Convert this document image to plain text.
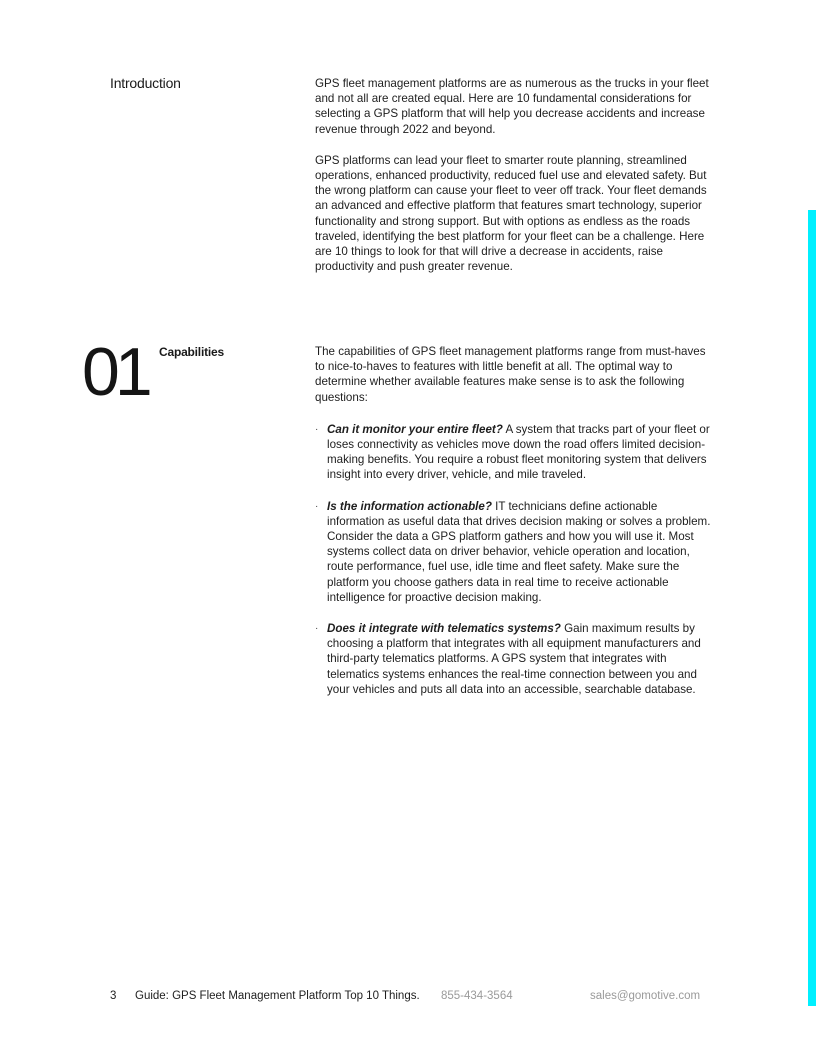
Introduction	GPS fleet management platforms are as numerous as the trucks in your fleet and not all are created equal. Here are 10 fundamental considerations for selecting a GPS platform that will help you decrease accidents and increase revenue through 2022 and beyond.

GPS platforms can lead your fleet to smarter route planning, streamlined operations, enhanced productivity, reduced fuel use and elevated safety. But the wrong platform can cause your fleet to veer off track. Your fleet demands an advanced and effective platform that features smart technology, superior functionality and strong support. But with options as endless as the roads traveled, identifying the best platform for your fleet can be a challenge. Here are 10 things to look for that will drive a decrease in accidents, raise productivity and push greater revenue.

01 Capabilities	The capabilities of GPS fleet management platforms range from must-haves to nice-to-haves to features with little benefit at all. The optimal way to determine whether available features make sense is to ask the following questions:

· Can it monitor your entire fleet? A system that tracks part of your fleet or loses connectivity as vehicles move down the road offers limited decision-making benefits. You require a robust fleet monitoring system that delivers insight into every driver, vehicle, and mile traveled.
· Is the information actionable? IT technicians define actionable information as useful data that drives decision making or solves a problem. Consider the data a GPS platform gathers and how you will use it. Most systems collect data on driver behavior, vehicle operation and location, route performance, fuel use, idle time and fleet safety. Make sure the platform you choose gathers data in real time to receive actionable intelligence for proactive decision making.
· Does it integrate with telematics systems? Gain maximum results by choosing a platform that integrates with all equipment manufacturers and third-party telematics platforms. A GPS system that integrates with telematics systems enhances the real-time connection between you and your vehicles and puts all data into an accessible, searchable database.
3 Guide: GPS Fleet Management Platform Top 10 Things. 855-434-3564	sales@gomotive.com
